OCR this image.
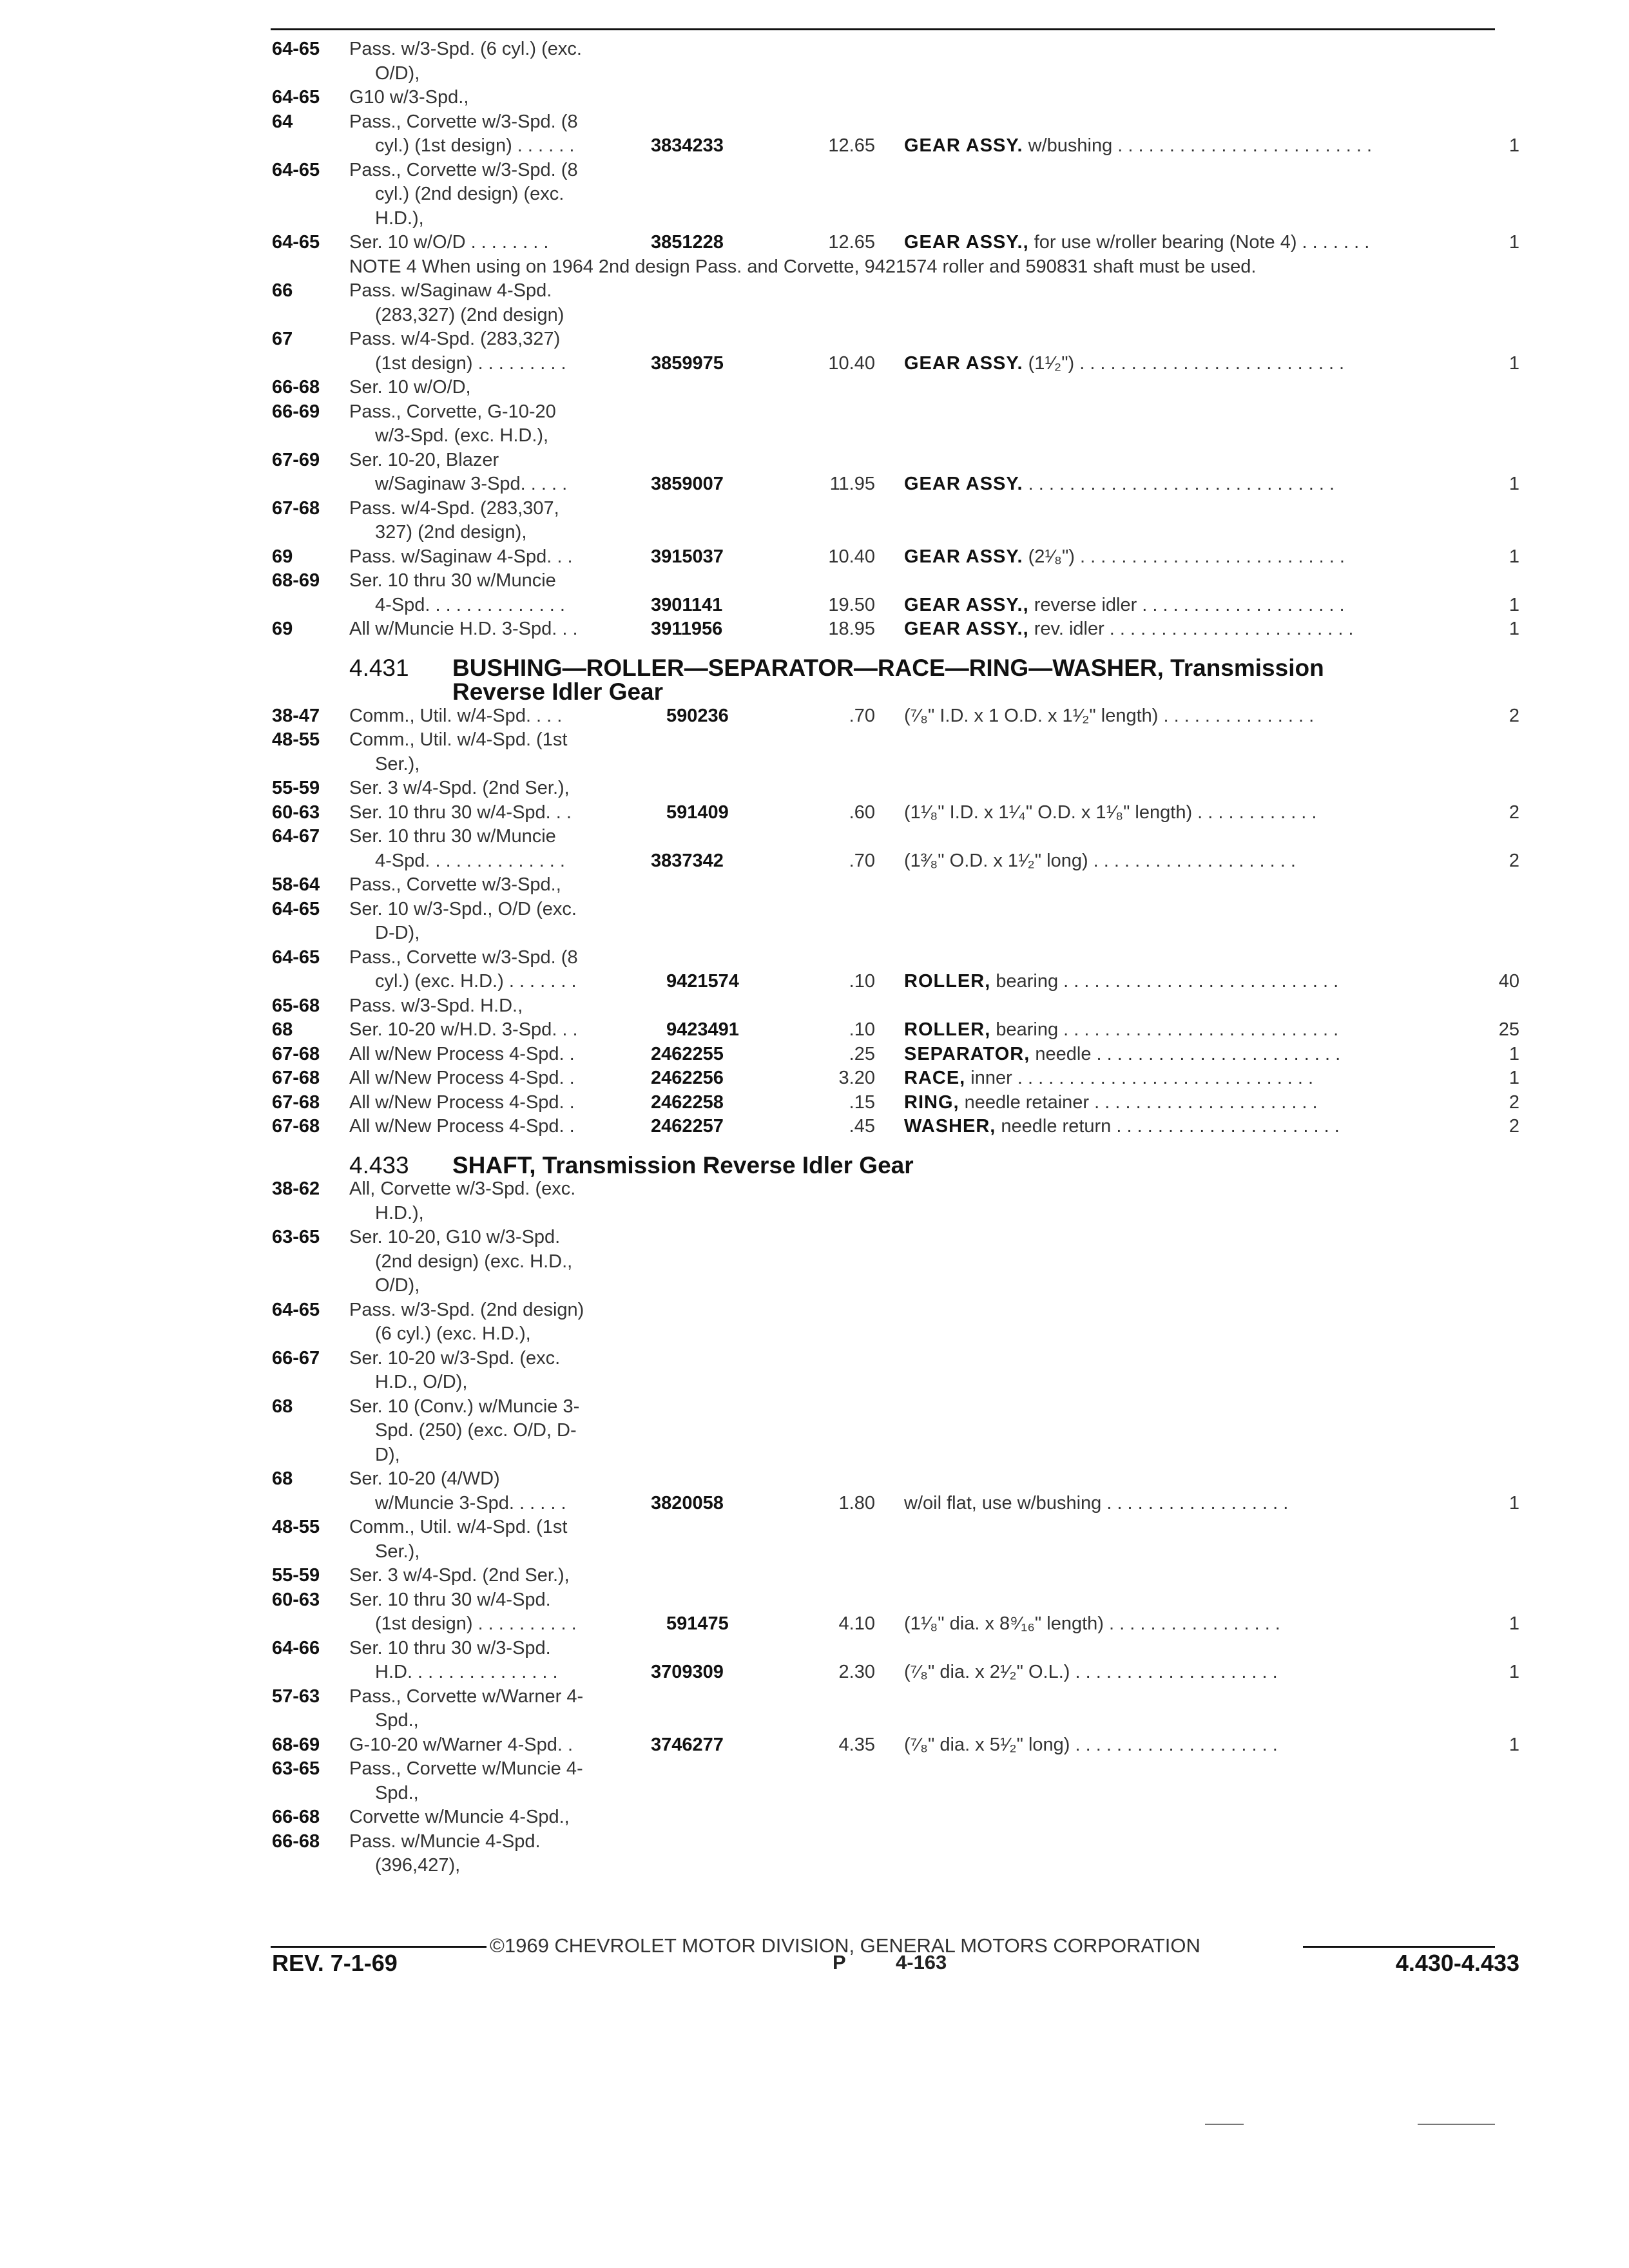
64-65 Pass. w/3-Spd. (6 cyl.) (exc.
O/D),
64-65 G10 w/3-Spd.,
64	Pass., Corvette w/3-Spd. (8
cyl.) (1st design) . . . . . .	3834233	12.65 GEAR ASSY. w/bushing . . . . . . . . . . . . . . . . . . . . . . . . .	1
64-65 Pass., Corvette w/3-Spd. (8
cyl.) (2nd design) (exc.
H.D.),
64-65 Ser. 10 w/O/D . . . . . . . .	3851228	12.65 GEAR ASSY., for use w/roller bearing (Note 4) . . . . . . .	1
NOTE 4 When using on 1964 2nd design Pass. and Corvette, 9421574 roller and 590831 shaft must be used.
66	Pass. w/Saginaw 4-Spd.
(283,327) (2nd design)
67	Pass. w/4-Spd. (283,327)
(1st design) . . . . . . . . .	3859975	10.40 GEAR ASSY. (1¹⁄₂") . . . . . . . . . . . . . . . . . . . . . . . . . .	1
66-68 Ser. 10 w/O/D,
66-69 Pass., Corvette, G-10-20
w/3-Spd. (exc. H.D.),
67-69 Ser. 10-20, Blazer
w/Saginaw 3-Spd. . . . .	3859007	11.95 GEAR ASSY. . . . . . . . . . . . . . . . . . . . . . . . . . . . . . .	1
67-68 Pass. w/4-Spd. (283,307,
327) (2nd design),
69	Pass. w/Saginaw 4-Spd. . .	3915037	10.40 GEAR ASSY. (2¹⁄₈") . . . . . . . . . . . . . . . . . . . . . . . . . .	1
68-69 Ser. 10 thru 30 w/Muncie
4-Spd. . . . . . . . . . . . . .	3901141	19.50 GEAR ASSY., reverse idler . . . . . . . . . . . . . . . . . . . .	1
69	All w/Muncie H.D. 3-Spd. . .	3911956	18.95 GEAR ASSY., rev. idler . . . . . . . . . . . . . . . . . . . . . . . .	1
4.431 BUSHING—ROLLER—SEPARATOR—RACE—RING—WASHER, Transmission
Reverse Idler Gear
38-47 Comm., Util. w/4-Spd. . . .	590236	.70 (⁷⁄₈" I.D. x 1 O.D. x 1¹⁄₂" length) . . . . . . . . . . . . . . .	2
48-55 Comm., Util. w/4-Spd. (1st
Ser.),
55-59 Ser. 3 w/4-Spd. (2nd Ser.),
60-63 Ser. 10 thru 30 w/4-Spd. . .	591409	.60 (1¹⁄₈" I.D. x 1¹⁄₄" O.D. x 1¹⁄₈" length) . . . . . . . . . . . .	2
64-67 Ser. 10 thru 30 w/Muncie
4-Spd. . . . . . . . . . . . . .	3837342	.70 (1³⁄₈" O.D. x 1¹⁄₂" long) . . . . . . . . . . . . . . . . . . . .	2
58-64 Pass., Corvette w/3-Spd.,
64-65 Ser. 10 w/3-Spd., O/D (exc.
D-D),
64-65 Pass., Corvette w/3-Spd. (8
cyl.) (exc. H.D.) . . . . . . .	9421574	.10 ROLLER, bearing . . . . . . . . . . . . . . . . . . . . . . . . . . .	40
65-68 Pass. w/3-Spd. H.D.,
68	Ser. 10-20 w/H.D. 3-Spd. . .	9423491	.10 ROLLER, bearing . . . . . . . . . . . . . . . . . . . . . . . . . . .	25
67-68 All w/New Process 4-Spd. .	2462255	.25 SEPARATOR, needle . . . . . . . . . . . . . . . . . . . . . . . .	1
67-68 All w/New Process 4-Spd. .	2462256	3.20 RACE, inner . . . . . . . . . . . . . . . . . . . . . . . . . . . . .	1
67-68 All w/New Process 4-Spd. .	2462258	.15 RING, needle retainer . . . . . . . . . . . . . . . . . . . . . .	2
67-68 All w/New Process 4-Spd. .	2462257	.45 WASHER, needle return . . . . . . . . . . . . . . . . . . . . . .	2
4.433 SHAFT, Transmission Reverse Idler Gear
38-62 All, Corvette w/3-Spd. (exc.
H.D.),
63-65 Ser. 10-20, G10 w/3-Spd.
(2nd design) (exc. H.D.,
O/D),
64-65 Pass. w/3-Spd. (2nd design)
(6 cyl.) (exc. H.D.),
66-67 Ser. 10-20 w/3-Spd. (exc.
H.D., O/D),
68	Ser. 10 (Conv.) w/Muncie 3-
Spd. (250) (exc. O/D, D-
D),
68	Ser. 10-20 (4/WD)
w/Muncie 3-Spd. . . . . .	3820058	1.80 w/oil flat, use w/bushing . . . . . . . . . . . . . . . . . .	1
48-55 Comm., Util. w/4-Spd. (1st
Ser.),
55-59 Ser. 3 w/4-Spd. (2nd Ser.),
60-63 Ser. 10 thru 30 w/4-Spd.
(1st design) . . . . . . . . . .	591475	4.10 (1¹⁄₈" dia. x 8⁹⁄₁₆" length) . . . . . . . . . . . . . . . . .	1
64-66 Ser. 10 thru 30 w/3-Spd.
H.D. . . . . . . . . . . . . . .	3709309	2.30 (⁷⁄₈" dia. x 2¹⁄₂" O.L.) . . . . . . . . . . . . . . . . . . . .	1
57-63 Pass., Corvette w/Warner 4-
Spd.,
68-69 G-10-20 w/Warner 4-Spd. .	3746277	4.35 (⁷⁄₈" dia. x 5¹⁄₂" long) . . . . . . . . . . . . . . . . . . . .	1
63-65 Pass., Corvette w/Muncie 4-
Spd.,
66-68 Corvette w/Muncie 4-Spd.,
66-68 Pass. w/Muncie 4-Spd.
(396,427),
©1969 CHEVROLET MOTOR DIVISION, GENERAL MOTORS CORPORATION
REV. 7-1-69	P 4-163	4.430-4.433
